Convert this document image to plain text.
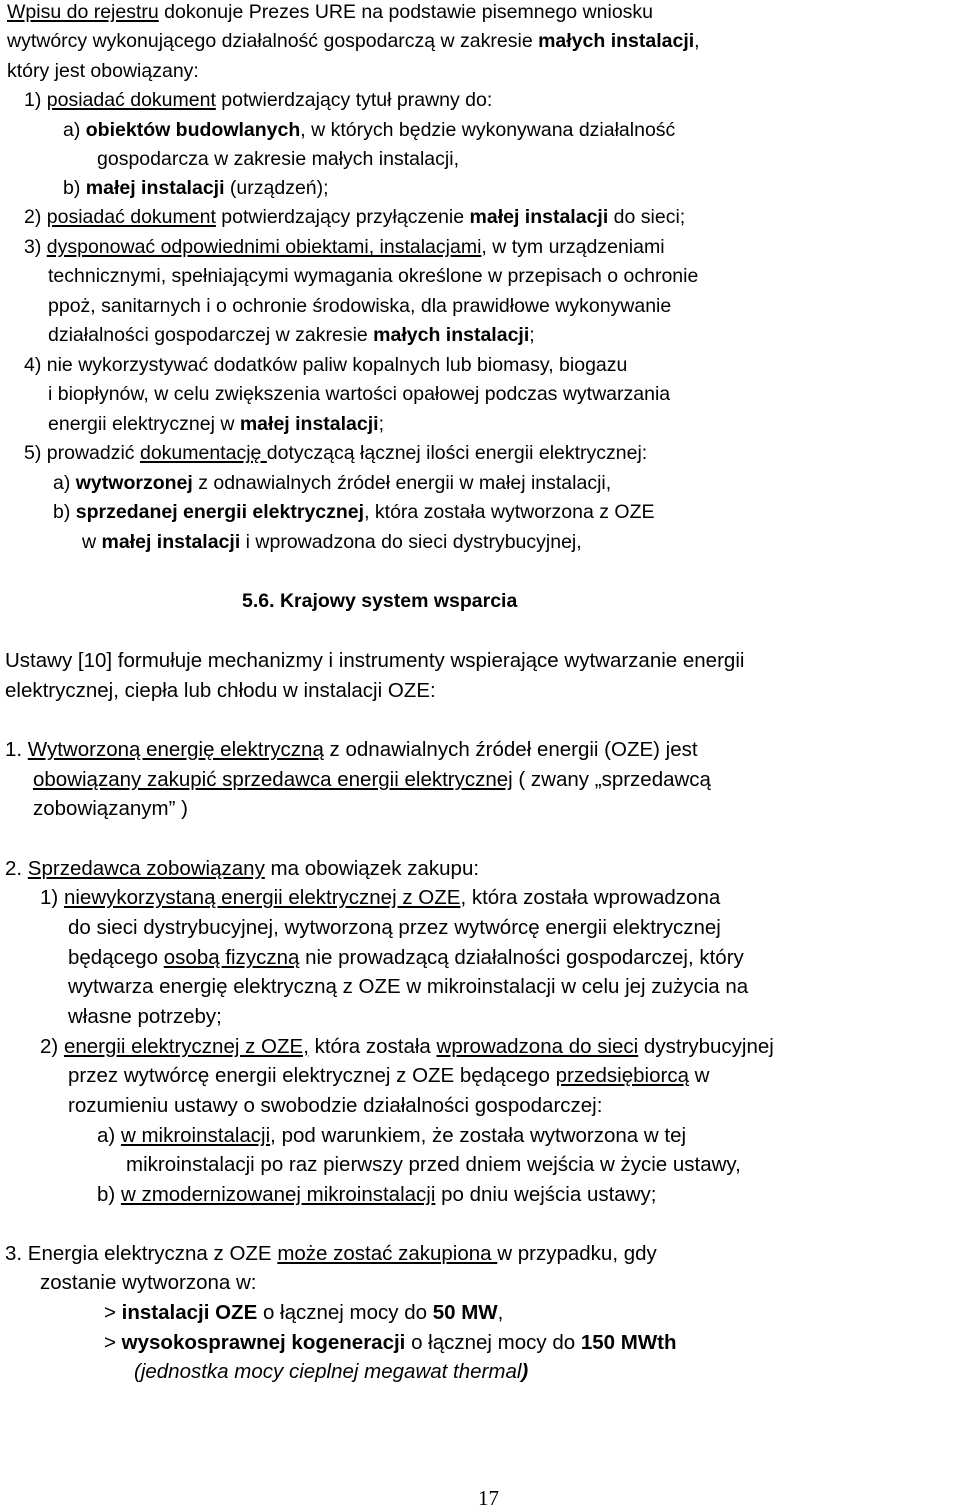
Wpisu do rejestru dokonuje Prezes URE na podstawie pisemnego wniosku
wytwórcy wykonującego działalność gospodarczą w zakresie małych instalacji,
który jest obowiązany:
1) posiadać dokument potwierdzający tytuł prawny do:
a) obiektów budowlanych, w których będzie wykonywana działalność
gospodarcza w zakresie małych instalacji,
b) małej instalacji (urządzeń);
2) posiadać dokument potwierdzający przyłączenie małej instalacji do sieci;
3) dysponować odpowiednimi obiektami, instalacjami, w tym urządzeniami
technicznymi, spełniającymi wymagania określone w przepisach o ochronie
ppoż, sanitarnych i o ochronie środowiska, dla prawidłowe wykonywanie
działalności gospodarczej w zakresie małych instalacji;
4) nie wykorzystywać dodatków paliw kopalnych lub biomasy, biogazu
i biopłynów, w celu zwiększenia wartości opałowej podczas wytwarzania
energii elektrycznej w małej instalacji;
5) prowadzić dokumentację dotyczącą łącznej ilości energii elektrycznej:
a) wytworzonej z odnawialnych źródeł energii w małej instalacji,
b) sprzedanej energii elektrycznej, która została wytworzona z OZE
w małej instalacji i wprowadzona do sieci dystrybucyjnej,
5.6. Krajowy system wsparcia
Ustawy [10] formułuje mechanizmy i instrumenty wspierające wytwarzanie energii
elektrycznej, ciepła lub chłodu w instalacji OZE:
1. Wytworzoną energię elektryczną z odnawialnych źródeł energii (OZE) jest
obowiązany zakupić sprzedawca energii elektrycznej ( zwany „sprzedawcą
zobowiązanym” )
2. Sprzedawca zobowiązany ma obowiązek zakupu:
1) niewykorzystaną energii elektrycznej z OZE, która została wprowadzona
do sieci dystrybucyjnej, wytworzoną przez wytwórcę energii elektrycznej
będącego osobą fizyczną nie prowadzącą działalności gospodarczej, który
wytwarza energię elektryczną z OZE w mikroinstalacji w celu jej zużycia na
własne potrzeby;
2) energii elektrycznej z OZE, która została wprowadzona do sieci dystrybucyjnej
przez wytwórcę energii elektrycznej z OZE będącego przedsiębiorcą w
rozumieniu ustawy o swobodzie działalności gospodarczej:
a) w mikroinstalacji, pod warunkiem, że została wytworzona w tej
mikroinstalacji po raz pierwszy przed dniem wejścia w życie ustawy,
b) w zmodernizowanej mikroinstalacji po dniu wejścia ustawy;
3. Energia elektryczna z OZE może zostać zakupiona w przypadku, gdy
zostanie wytworzona w:
> instalacji OZE o łącznej mocy do 50 MW,
> wysokosprawnej kogeneracji o łącznej mocy do 150 MWth
(jednostka mocy cieplnej megawat thermal)
17
